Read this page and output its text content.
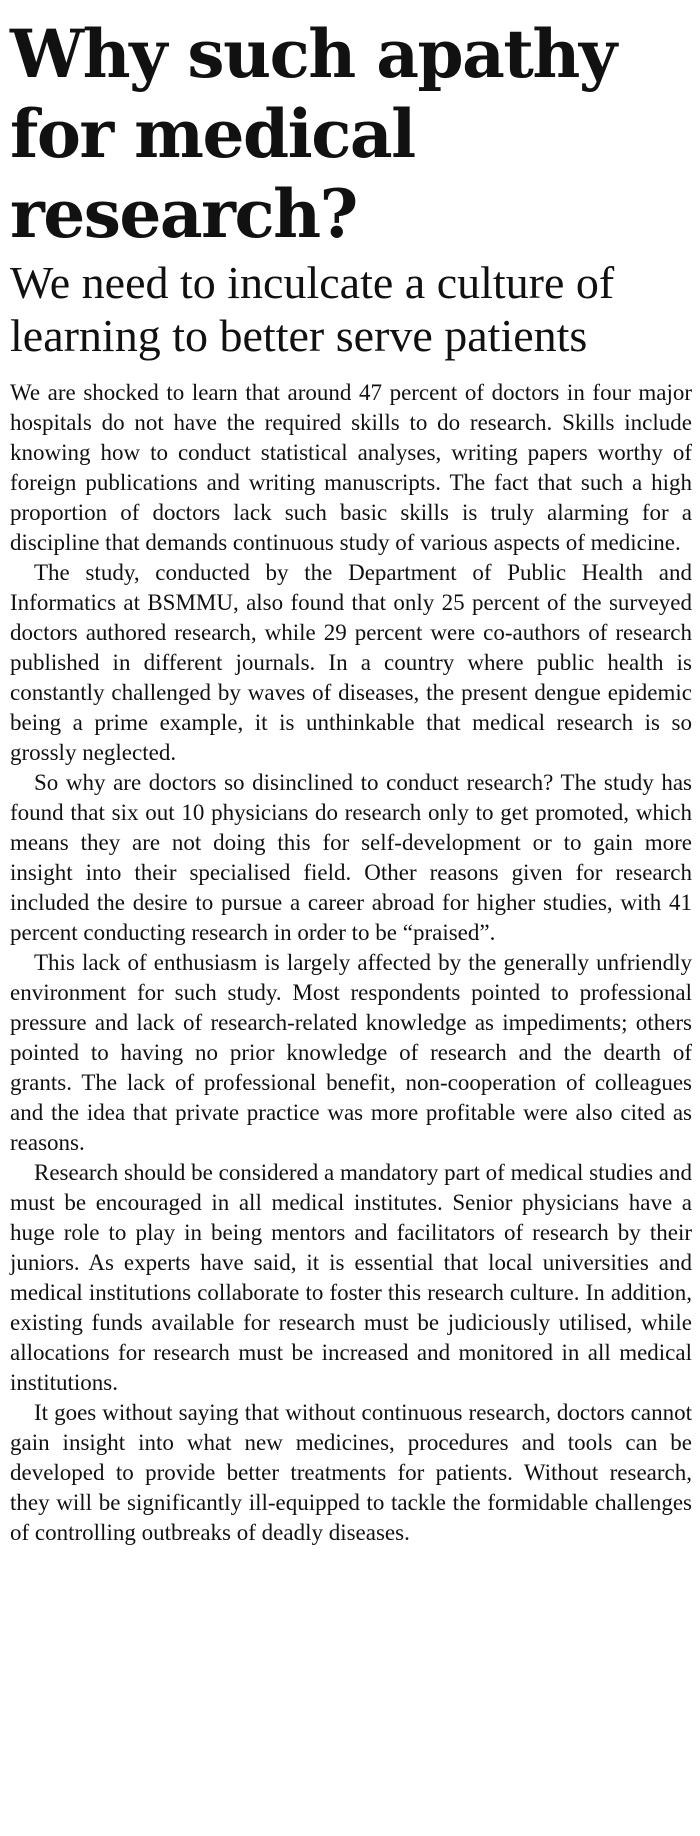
Why such apathy for medical research?
We need to inculcate a culture of learning to better serve patients

We are shocked to learn that around 47 percent of doctors in four major hospitals do not have the required skills to do research. Skills include knowing how to conduct statistical analyses, writing papers worthy of foreign publications and writing manuscripts. The fact that such a high proportion of doctors lack such basic skills is truly alarming for a discipline that demands continuous study of various aspects of medicine.

The study, conducted by the Department of Public Health and Informatics at BSMMU, also found that only 25 percent of the surveyed doctors authored research, while 29 percent were co-authors of research published in different journals. In a country where public health is constantly challenged by waves of diseases, the present dengue epidemic being a prime example, it is unthinkable that medical research is so grossly neglected.

So why are doctors so disinclined to conduct research? The study has found that six out 10 physicians do research only to get promoted, which means they are not doing this for self-development or to gain more insight into their specialised field. Other reasons given for research included the desire to pursue a career abroad for higher studies, with 41 percent conducting research in order to be “praised”.

This lack of enthusiasm is largely affected by the generally unfriendly environment for such study. Most respondents pointed to professional pressure and lack of research-related knowledge as impediments; others pointed to having no prior knowledge of research and the dearth of grants. The lack of professional benefit, non-cooperation of colleagues and the idea that private practice was more profitable were also cited as reasons.

Research should be considered a mandatory part of medical studies and must be encouraged in all medical institutes. Senior physicians have a huge role to play in being mentors and facilitators of research by their juniors. As experts have said, it is essential that local universities and medical institutions collaborate to foster this research culture. In addition, existing funds available for research must be judiciously utilised, while allocations for research must be increased and monitored in all medical institutions.

It goes without saying that without continuous research, doctors cannot gain insight into what new medicines, procedures and tools can be developed to provide better treatments for patients. Without research, they will be significantly ill-equipped to tackle the formidable challenges of controlling outbreaks of deadly diseases.
